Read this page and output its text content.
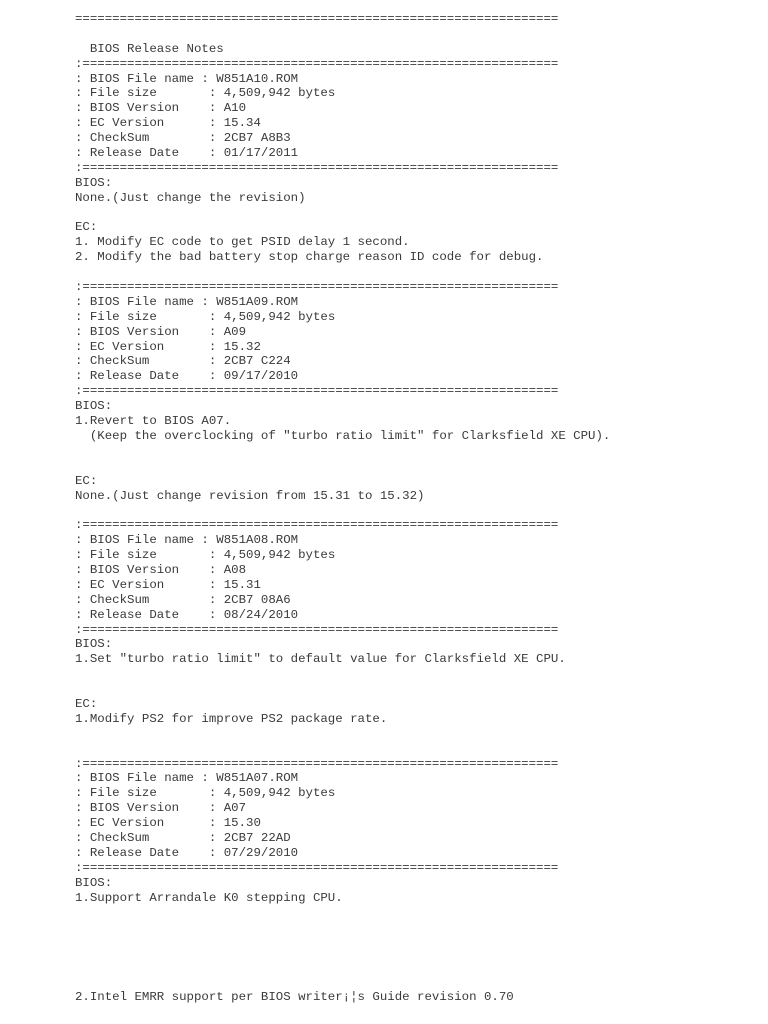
=================================================================
BIOS Release Notes
:================================================================
: BIOS File name : W851A10.ROM
: File size       : 4,509,942 bytes
: BIOS Version    : A10
: EC Version      : 15.34
: CheckSum        : 2CB7 A8B3
: Release Date    : 01/17/2011
:================================================================
BIOS:
None.(Just change the revision)
EC:
1. Modify EC code to get PSID delay 1 second.
2. Modify the bad battery stop charge reason ID code for debug.
:================================================================
: BIOS File name : W851A09.ROM
: File size       : 4,509,942 bytes
: BIOS Version    : A09
: EC Version      : 15.32
: CheckSum        : 2CB7 C224
: Release Date    : 09/17/2010
:================================================================
BIOS:
1.Revert to BIOS A07.
(Keep the overclocking of "turbo ratio limit" for Clarksfield XE CPU).
EC:
None.(Just change revision from 15.31 to 15.32)
:================================================================
: BIOS File name : W851A08.ROM
: File size       : 4,509,942 bytes
: BIOS Version    : A08
: EC Version      : 15.31
: CheckSum        : 2CB7 08A6
: Release Date    : 08/24/2010
:================================================================
BIOS:
1.Set "turbo ratio limit" to default value for Clarksfield XE CPU.
EC:
1.Modify PS2 for improve PS2 package rate.
:================================================================
: BIOS File name : W851A07.ROM
: File size       : 4,509,942 bytes
: BIOS Version    : A07
: EC Version      : 15.30
: CheckSum        : 2CB7 22AD
: Release Date    : 07/29/2010
:================================================================
BIOS:
1.Support Arrandale K0 stepping CPU.
2.Intel EMRR support per BIOS writer¡¦s Guide revision 0.70
